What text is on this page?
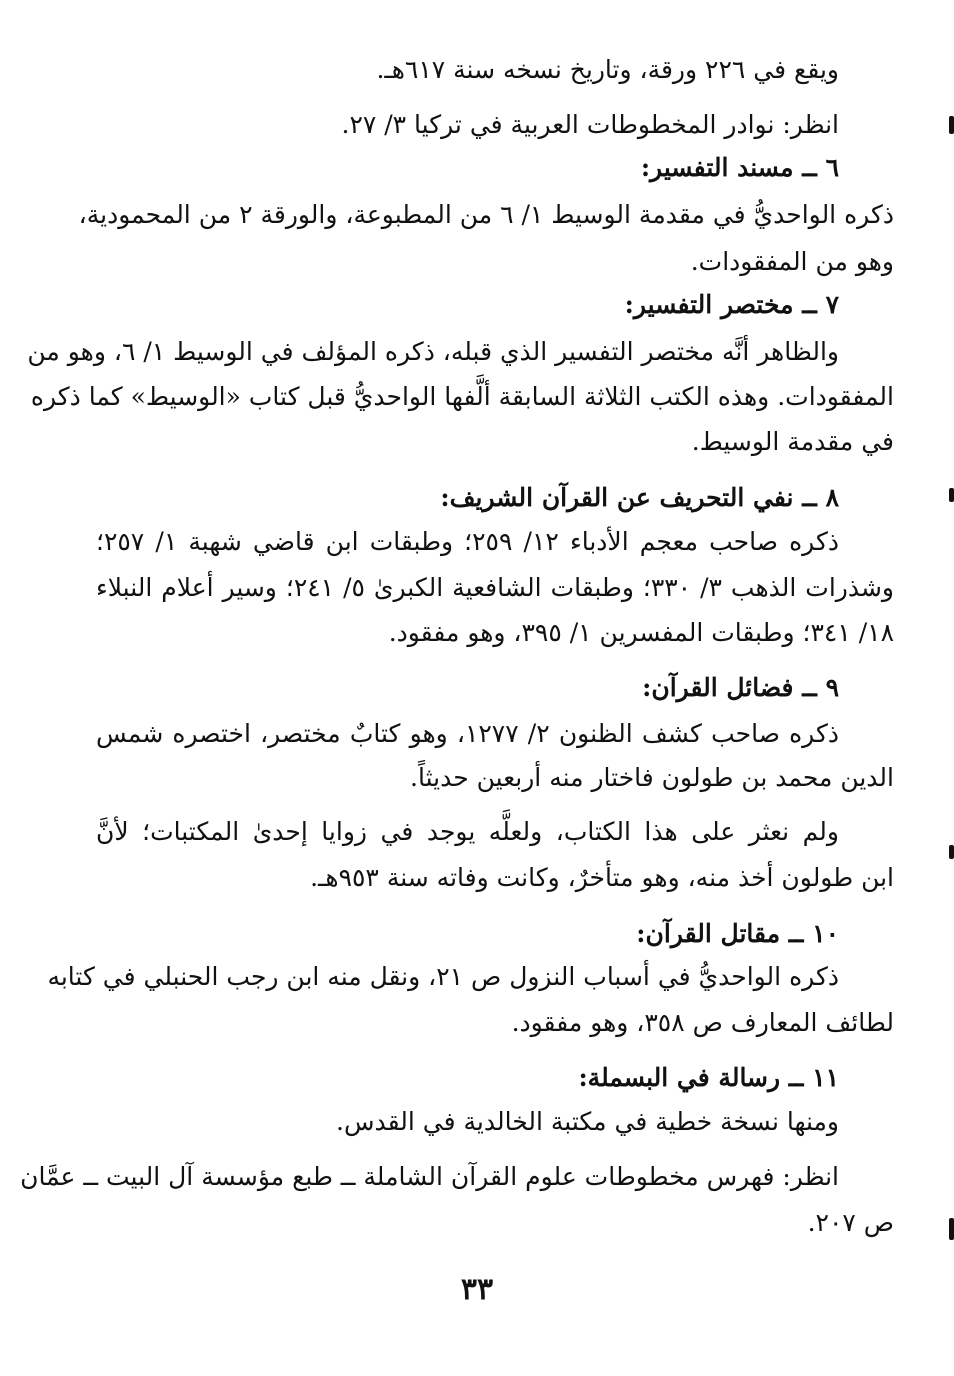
ويقع في ٢٢٦ ورقة، وتاريخ نسخه سنة ٦١٧هـ.
انظر: نوادر المخطوطات العربية في تركيا ٣/ ٢٧.
٦ ــ مسند التفسير:
ذكره الواحديُّ في مقدمة الوسيط ١/ ٦ من المطبوعة، والورقة ٢ من المحمودية،
وهو من المفقودات.
٧ ــ مختصر التفسير:
والظاهر أنَّه مختصر التفسير الذي قبله، ذكره المؤلف في الوسيط ١/ ٦، وهو من
المفقودات. وهذه الكتب الثلاثة السابقة ألَّفها الواحديُّ قبل كتاب «الوسيط» كما ذكره
في مقدمة الوسيط.
٨ ــ نفي التحريف عن القرآن الشريف:
ذكره صاحب معجم الأدباء ١٢/ ٢٥٩؛ وطبقات ابن قاضي شهبة ١/ ٢٥٧؛
وشذرات الذهب ٣/ ٣٣٠؛ وطبقات الشافعية الكبرىٰ ٥/ ٢٤١؛ وسير أعلام النبلاء
١٨/ ٣٤١؛ وطبقات المفسرين ١/ ٣٩٥، وهو مفقود.
٩ ــ فضائل القرآن:
ذكره صاحب كشف الظنون ٢/ ١٢٧٧، وهو كتابٌ مختصر، اختصره شمس
الدين محمد بن طولون فاختار منه أربعين حديثاً.
ولم نعثر على هذا الكتاب، ولعلَّه يوجد في زوايا إحدىٰ المكتبات؛ لأنَّ
ابن طولون أخذ منه، وهو متأخرٌ، وكانت وفاته سنة ٩٥٣هـ.
١٠ ــ مقاتل القرآن:
ذكره الواحديُّ في أسباب النزول ص ٢١، ونقل منه ابن رجب الحنبلي في كتابه
لطائف المعارف ص ٣٥٨، وهو مفقود.
١١ ــ رسالة في البسملة:
ومنها نسخة خطية في مكتبة الخالدية في القدس.
انظر: فهرس مخطوطات علوم القرآن الشاملة ــ طبع مؤسسة آل البيت ــ عمَّان
ص ٢٠٧.
٣٣
